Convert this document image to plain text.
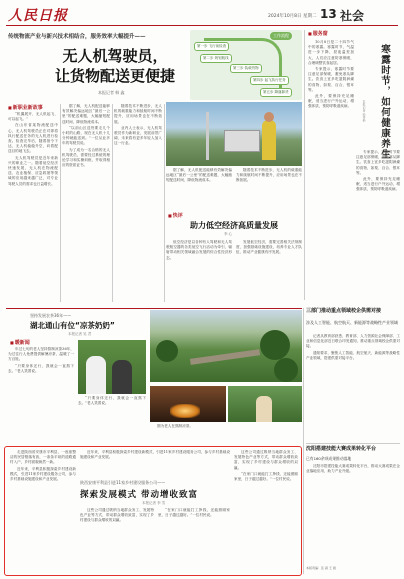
人民日报	2024年10月8日 星期二 13 社会
传统物流产业与新兴技术相结合，服务效率大幅提升——
无人机驾驶员，
让货物配送更便捷
本报记者 韩 鑫
工作流程
第一步 飞行前检查
第二步 规划航线
第三步 装载货物
第四步 起飞执行任务
第五步 降落卸货
■ 新职业新故事

“机翼展开、无人机起飞、可以起飞。”

在山东省某物流配送中心，无人机驾驶员正在对即将执行配送任务的无人机进行检查。检查完毕后，随着指令下达，无人机稳稳升空，向着配送目的地飞去。

无人机驾驶员是近年来新兴的职业之一。随着低空经济快速发展，无人机在物流配送、农业植保、应急救援等领域的应用越来越广泛，对专业驾驶人员的需求也日益增长。

据了解，无人机配送能够有效解决偏远地区“最后一公里”的配送难题，大幅缩短配送时间，降低物流成本。

“以前山区送货要走几个小时的山路，现在无人机十几分钟就能送到。”一位从业多年的驾驶员说。

为了成为一名合格的无人机驾驶员，需要经过系统的理论学习和实操训练，并取得相应的资质证书。

随着技术不断进步，无人机的载重能力和续航时间不断提升，应用场景也在不断拓展。

业内人士表示，无人机驾驶员作为新职业，发展前景广阔，未来将有更多年轻人加入这一行业。

据了解，无人机配送能够有效解决偏远地区“最后一公里”的配送难题，大幅缩短配送时间，降低物流成本。

随着技术不断进步，无人机的载重能力和续航时间不断提升，应用场景也在不断拓展。

■ 快评
助力低空经济高质量发展
李 心

低空经济是以各种有人驾驶和无人驾驶航空器的各类低空飞行活动为牵引，辐射带动相关领域融合发展的综合性经济形态。

发展低空经济，需要完善相关法规制度，加强基础设施建设，培养专业人才队伍，推动产业健康有序发展。

■ 服务窗

10月8日是二十四节气中的寒露。寒露时节，气温进一步下降，昼夜温差加大，人们应注意防寒保暖，合理调整饮食起居。

专家提示，寒露时节要注意足部保暖，避免寒从脚生。饮食上宜多吃滋阴润燥的食物，如梨、百合、银耳等。

此外，要保持充足睡眠，适当进行户外运动，增强体质，预防呼吸道疾病。	寒露时节，如何健康养生
本报记者 孙秀艳

专家提示，寒露时节要注意足部保暖，避免寒从脚生。饮食上宜多吃滋阴润燥的食物，如梨、百合、银耳等。

此外，要保持充足睡眠，适当进行户外运动，增强体质，预防呼吸道疾病。

坚持发展农茶36年——
湖北通山有位“凉茶奶奶”
本报记者 吴 君
■ 暖新闻

年过七旬的老人坚持熬制凉茶36年，为过往行人免费提供解暑凉茶，温暖了一方百姓。

“只要身体还行，我就会一直熬下去。”老人笑着说。

“只要身体还行，我就会一直熬下去。”老人笑着说。

图为老人在熬制凉茶。

三部门推动重点领域校企供需对接
涉及人工智能、航空航天、新能源等战略性产业领域

记者从教育部获悉，教育部、人力资源社会保障部、工业和信息化部近日联合印发通知，推动重点领域校企供需对接。

通知要求，聚焦人工智能、航空航天、新能源等战略性产业领域，搭建供需对接平台。

沈阳搭建技能大赛成果转化平台
已有160余项成果推动落地

沈阳市搭建技能大赛成果转化平台，推动大赛成果在企业落地应用，助力产业升级。

本版责编：张 颖 王 晨

走进陕西省安康市平利县，一座座整洁的民居错落有致，一条条平坦的道路通村入户，乡村面貌焕然一新。

近年来，平利县积极探索乡村建设新模式，引进11家乡村建设服务公司，参与乡村基础设施建设和产业发展。

近年来，平利县积极探索乡村建设新模式，引进11家乡村建设服务公司，参与乡村基础设施建设和产业发展。

陕西安康平利县引进11家乡村建设服务公司——
探索发展模式 带动增收致富
本报记者 李 雪

这些公司通过吸纳当地群众务工、发展特色产业等方式，带动群众增收致富，实现了乡村建设与群众增收的双赢。

“在家门口就能打工挣钱，还能照顾家里，日子越过越好。”一位村民说。

这些公司通过吸纳当地群众务工、发展特色产业等方式，带动群众增收致富，实现了乡村建设与群众增收的双赢。

“在家门口就能打工挣钱，还能照顾家里，日子越过越好。”一位村民说。
